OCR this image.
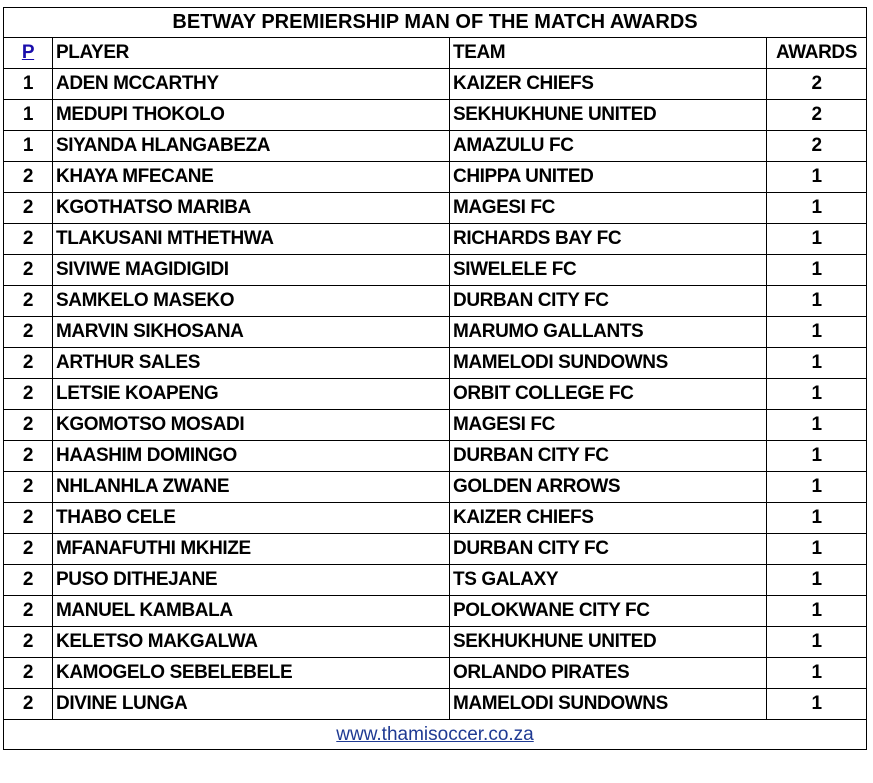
BETWAY PREMIERSHIP MAN OF THE MATCH AWARDS			
P	PLAYER	TEAM	AWARDS
1	ADEN MCCARTHY	KAIZER CHIEFS	2
1	MEDUPI THOKOLO	SEKHUKHUNE UNITED	2
1	SIYANDA HLANGABEZA	AMAZULU FC	2
2	KHAYA MFECANE	CHIPPA UNITED	1
2	KGOTHATSO MARIBA	MAGESI FC	1
2	TLAKUSANI MTHETHWA	RICHARDS BAY FC	1
2	SIVIWE MAGIDIGIDI	SIWELELE FC	1
2	SAMKELO MASEKO	DURBAN CITY FC	1
2	MARVIN SIKHOSANA	MARUMO GALLANTS	1
2	ARTHUR SALES	MAMELODI SUNDOWNS	1
2	LETSIE KOAPENG	ORBIT COLLEGE FC	1
2	KGOMOTSO MOSADI	MAGESI FC	1
2	HAASHIM DOMINGO	DURBAN CITY FC	1
2	NHLANHLA ZWANE	GOLDEN ARROWS	1
2	THABO CELE	KAIZER CHIEFS	1
2	MFANAFUTHI MKHIZE	DURBAN CITY FC	1
2	PUSO DITHEJANE	TS GALAXY	1
2	MANUEL KAMBALA	POLOKWANE CITY FC	1
2	KELETSO MAKGALWA	SEKHUKHUNE UNITED	1
2	KAMOGELO SEBELEBELE	ORLANDO PIRATES	1
2	DIVINE LUNGA	MAMELODI SUNDOWNS	1
www.thamisoccer.co.za			
